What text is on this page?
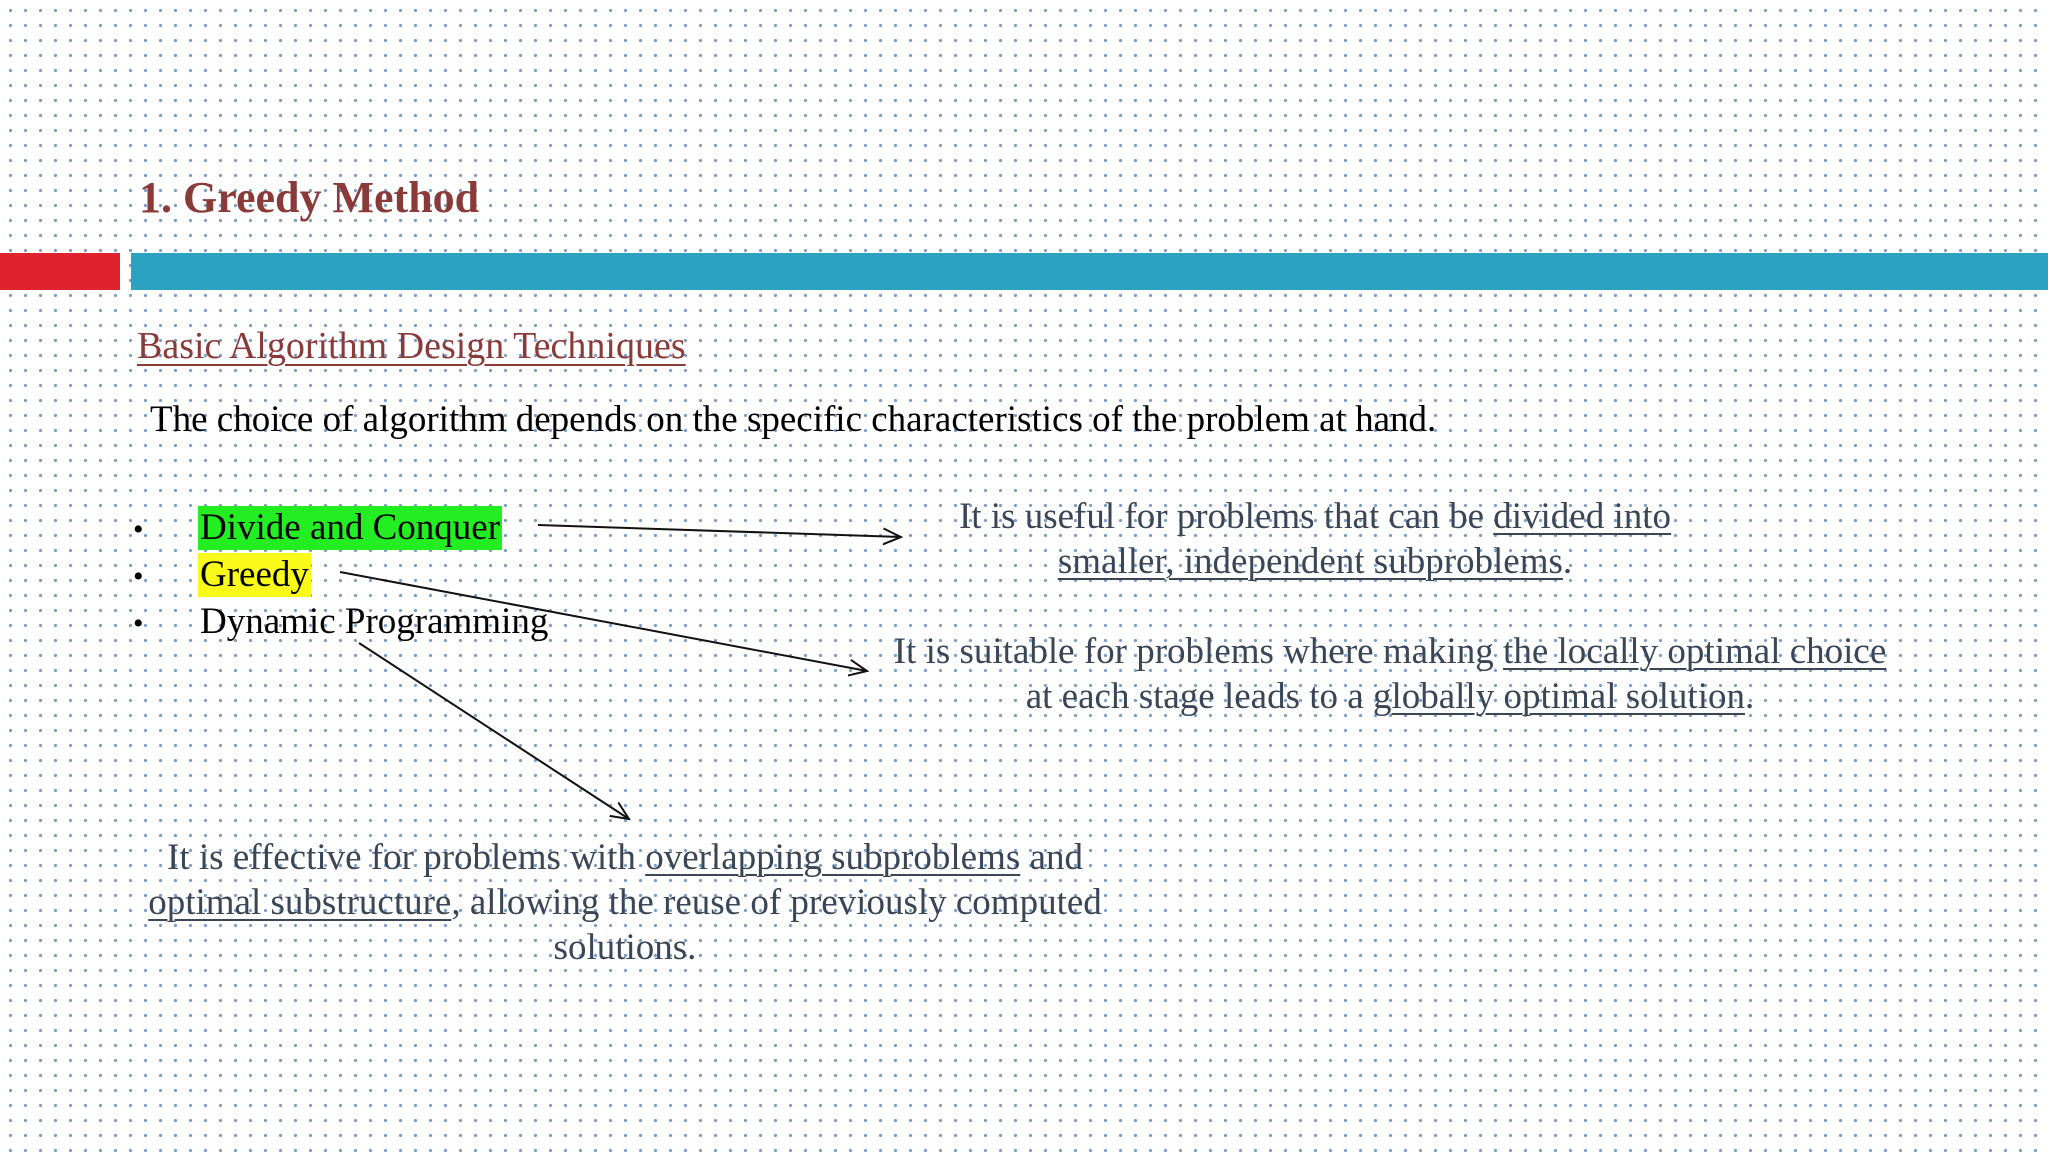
1. Greedy Method
Basic Algorithm Design Techniques
The choice of algorithm depends on the specific characteristics of the problem at hand.
• Divide and Conquer
• Greedy
• Dynamic Programming

It is useful for problems that can be divided into smaller, independent subproblems.

It is suitable for problems where making the locally optimal choice at each stage leads to a globally optimal solution.

It is effective for problems with overlapping subproblems and optimal substructure, allowing the reuse of previously computed solutions.
